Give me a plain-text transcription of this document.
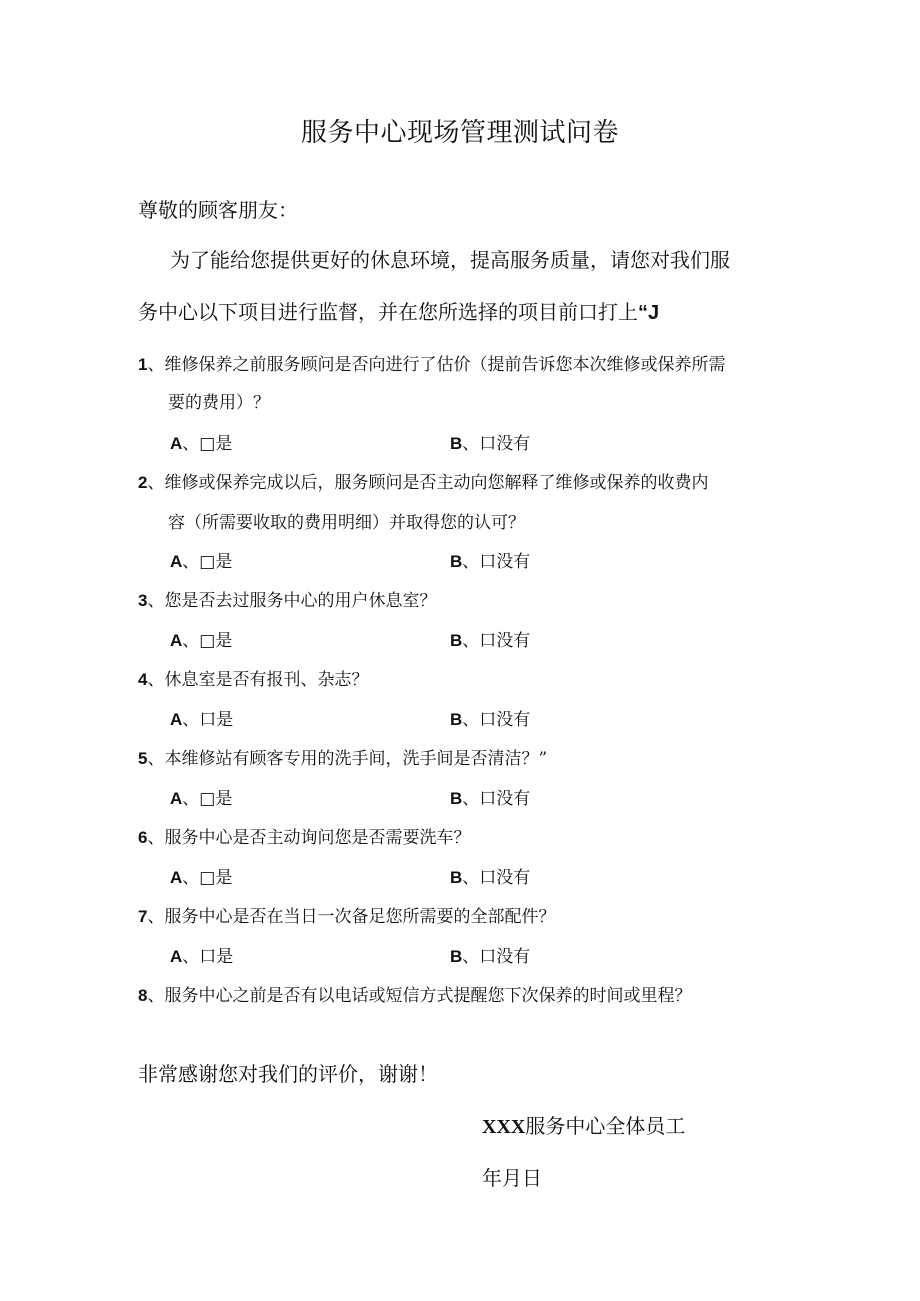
服务中心现场管理测试问卷
尊敬的顾客朋友：
为了能给您提供更好的休息环境，提高服务质量，请您对我们服
务中心以下项目进行监督，并在您所选择的项目前口打上“J
1、维修保养之前服务顾问是否向进行了估价（提前告诉您本次维修或保养所需
要的费用）？
A、□是	B、口没有
2、维修或保养完成以后，服务顾问是否主动向您解释了维修或保养的收费内
容（所需要收取的费用明细）并取得您的认可？
A、□是	B、口没有
3、您是否去过服务中心的用户休息室？
A、□是	B、口没有
4、休息室是否有报刊、杂志？
A、口是	B、口没有
5、本维修站有顾客专用的洗手间，洗手间是否清洁？”
A、□是	B、口没有
6、服务中心是否主动询问您是否需要洗车？
A、□是	B、口没有
7、服务中心是否在当日一次备足您所需要的全部配件？
A、口是	B、口没有
8、服务中心之前是否有以电话或短信方式提醒您下次保养的时间或里程？
非常感谢您对我们的评价，谢谢！
XXX服务中心全体员工
年月日
